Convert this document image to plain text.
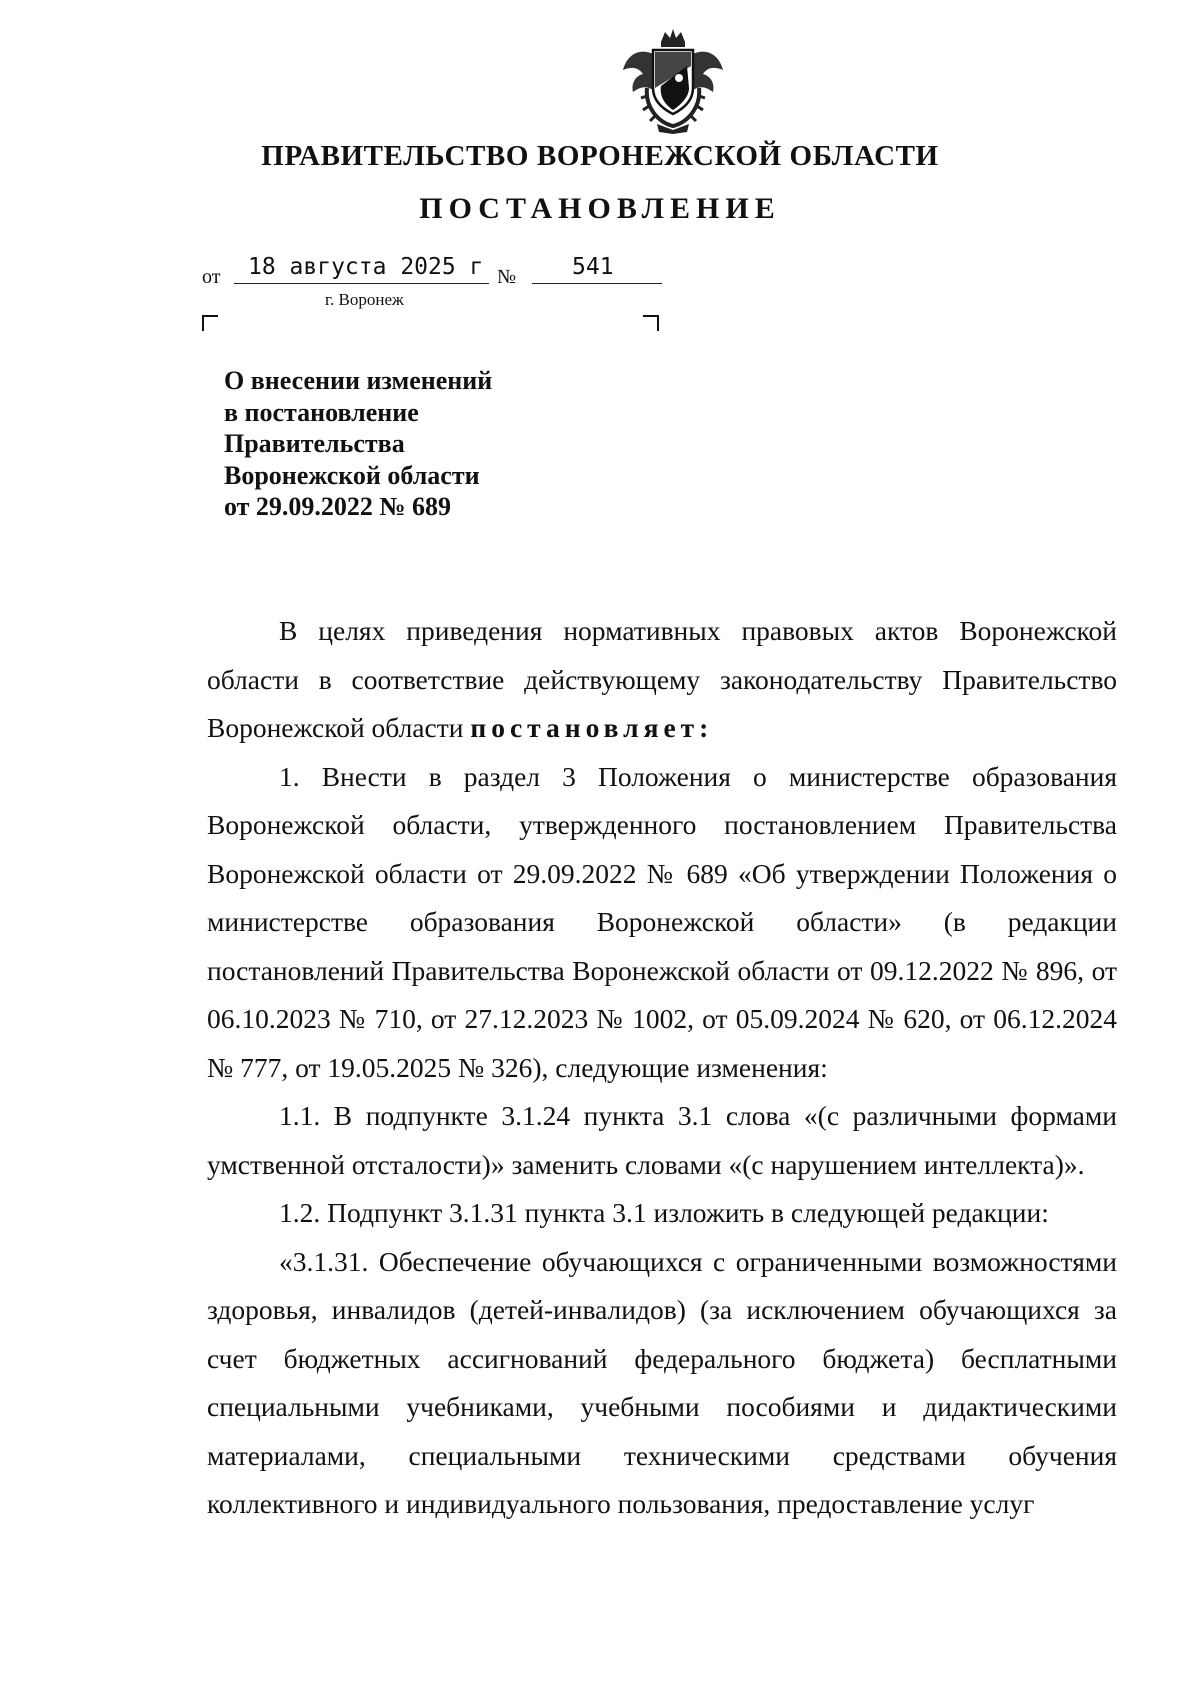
ПРАВИТЕЛЬСТВО ВОРОНЕЖСКОЙ ОБЛАСТИ
ПОСТАНОВЛЕНИЕ
от	18 августа 2025 г №	541
г. Воронеж
О внесении изменений
в постановление
Правительства
Воронежской области
от 29.09.2022 № 689

В целях приведения нормативных правовых актов Воронежской области в соответствие действующему законодательству Правительство Воронежской области постановляет:

1. Внести в раздел 3 Положения о министерстве образования Воронежской области, утвержденного постановлением Правительства Воронежской области от 29.09.2022 № 689 «Об утверждении Положения о министерстве образования Воронежской области» (в редакции постановлений Правительства Воронежской области от 09.12.2022 № 896, от 06.10.2023 № 710, от 27.12.2023 № 1002, от 05.09.2024 № 620, от 06.12.2024 № 777, от 19.05.2025 № 326), следующие изменения:

1.1. В подпункте 3.1.24 пункта 3.1 слова «(с различными формами умственной отсталости)» заменить словами «(с нарушением интеллекта)».

1.2. Подпункт 3.1.31 пункта 3.1 изложить в следующей редакции:

«3.1.31. Обеспечение обучающихся с ограниченными возможностями здоровья, инвалидов (детей-инвалидов) (за исключением обучающихся за счет бюджетных ассигнований федерального бюджета) бесплатными специальными учебниками, учебными пособиями и дидактическими материалами, специальными техническими средствами обучения коллективного и индивидуального пользования, предоставление услуг
